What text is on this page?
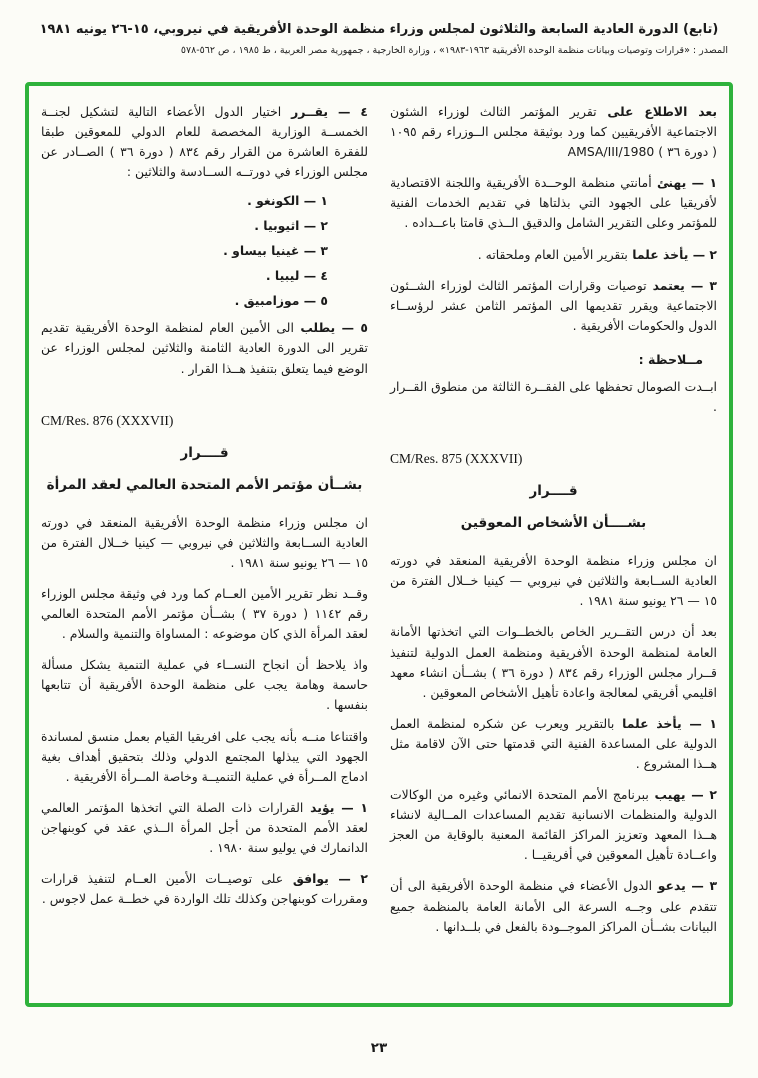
(تابع) الدورة العادية السابعة والثلاثون لمجلس وزراء منظمة الوحدة الأفريقية في نيروبي، ١٥-٢٦ يونيه ١٩٨١
المصدر : «قرارات وتوصيات وبيانات منظمة الوحدة الأفريقية ١٩٦٣-١٩٨٣» ، وزارة الخارجية ، جمهورية مصر العربية ، ط ١٩٨٥ ، ص ٥٦٢-٥٧٨

بعد الاطلاع على تقرير المؤتمر الثالث لوزراء الشئون الاجتماعية الأفريقيين كما ورد بوثيقة مجلس الــوزراء رقم ١٠٩٥ ( دورة ٣٦ ) AMSA/III/1980

١ — يهنئ أمانتي منظمة الوحــدة الأفريقية واللجنة الاقتصادية لأفريقيا على الجهود التي بذلتاها في تقديم الخدمات الفنية للمؤتمر وعلى التقرير الشامل والدقيق الــذي قامتا باعــداده .

٢ — يأخذ علما بتقرير الأمين العام وملحقاته .

٣ — يعتمد توصيات وقرارات المؤتمر الثالث لوزراء الشــئون الاجتماعية ويقرر تقديمها الى المؤتمر الثامن عشر لرؤســاء الدول والحكومات الأفريقية .

مــلاحظة :

ابــدت الصومال تحفظها على الفقــرة الثالثة من منطوق القــرار .

CM/Res. 875 (XXXVII)

قــــرار
بشــــأن الأشخاص المعوقين

ان مجلس وزراء منظمة الوحدة الأفريقية المنعقد في دورته العادية الســابعة والثلاثين في نيروبي — كينيا خــلال الفترة من ١٥ — ٢٦ يونيو سنة ١٩٨١ .

بعد أن درس التقــرير الخاص بالخطــوات التي اتخذتها الأمانة العامة لمنظمة الوحدة الأفريقية ومنظمة العمل الدولية لتنفيذ قــرار مجلس الوزراء رقم ٨٣٤ ( دورة ٣٦ ) بشــأن انشاء معهد اقليمي أفريقي لمعالجة واعادة تأهيل الأشخاص المعوقين .

١ — يأخذ علما بالتقرير ويعرب عن شكره لمنظمة العمل الدولية على المساعدة الفنية التي قدمتها حتى الآن لاقامة مثل هــذا المشروع .

٢ — يهيب ببرنامج الأمم المتحدة الانمائي وغيره من الوكالات الدولية والمنظمات الانسانية تقديم المساعدات المــالية لانشاء هــذا المعهد وتعزيز المراكز القائمة المعنية بالوقاية من العجز واعــادة تأهيل المعوقين في أفريقيــا .

٣ — يدعو الدول الأعضاء في منظمة الوحدة الأفريقية الى أن تتقدم على وجــه السرعة الى الأمانة العامة بالمنظمة جميع البيانات بشــأن المراكز الموجــودة بالفعل في بلــدانها .

٤ — يقــرر اختيار الدول الأعضاء التالية لتشكيل لجنــة الخمســة الوزارية المخصصة للعام الدولي للمعوقين طبقا للفقرة العاشرة من القرار رقم ٨٣٤ ( دورة ٣٦ ) الصــادر عن مجلس الوزراء في دورتــه الســادسة والثلاثين :

١ — الكونغو .

٢ — اثيوبيا .

٣ — غينيا بيساو .

٤ — ليبيا .

٥ — موزامبيق .

٥ — يطلب الى الأمين العام لمنظمة الوحدة الأفريقية تقديم تقرير الى الدورة العادية الثامنة والثلاثين لمجلس الوزراء عن الوضع فيما يتعلق بتنفيذ هــذا القرار .

CM/Res. 876 (XXXVII)

قــــرار
بشــأن مؤتمر الأمم المتحدة العالمي لعقد المرأة

ان مجلس وزراء منظمة الوحدة الأفريقية المنعقد في دورته العادية الســابعة والثلاثين في نيروبي — كينيا خــلال الفترة من ١٥ — ٢٦ يونيو سنة ١٩٨١ .

وقــد نظر تقرير الأمين العــام كما ورد في وثيقة مجلس الوزراء رقم ١١٤٢ ( دورة ٣٧ ) بشــأن مؤتمر الأمم المتحدة العالمي لعقد المرأة الذي كان موضوعه : المساواة والتنمية والسلام .

واذ يلاحظ أن انجاح النســاء في عملية التنمية يشكل مسألة حاسمة وهامة يجب على منظمة الوحدة الأفريقية أن تتابعها بنفسها .

واقتناعا منــه بأنه يجب على افريقيا القيام بعمل منسق لمساندة الجهود التي يبذلها المجتمع الدولي وذلك بتحقيق أهداف بغية ادماج المــرأة في عملية التنميــة وخاصة المــرأة الأفريقية .

١ — يؤيد القرارات ذات الصلة التي اتخذها المؤتمر العالمي لعقد الأمم المتحدة من أجل المرأة الــذي عقد في كوبنهاجن الدانمارك في يوليو سنة ١٩٨٠ .

٢ — يوافق على توصيــات الأمين العــام لتنفيذ قرارات ومقررات كوبنهاجن وكذلك تلك الواردة في خطــة عمل لاجوس .

٢٣
